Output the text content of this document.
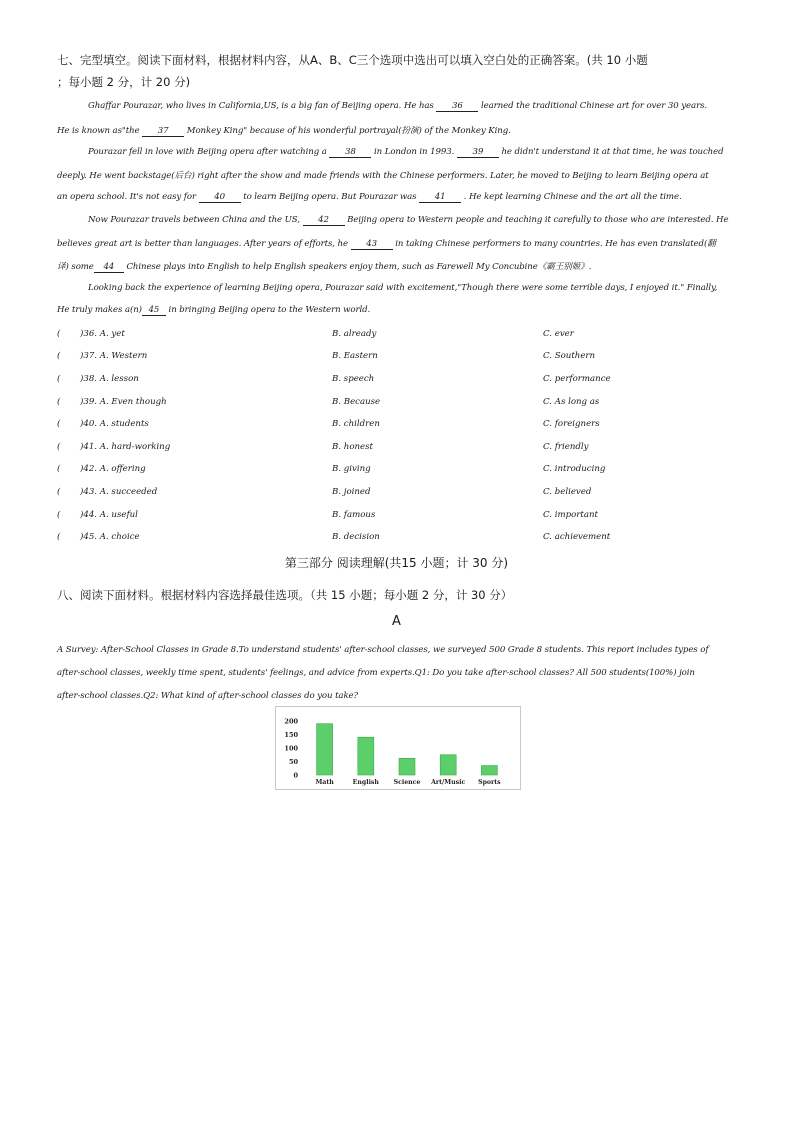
七、完型填空。阅读下面材料，根据材料内容，从A、B、C三个选项中选出可以填入空白处的正确答案。(共 10 小题
；每小题 2 分，计 20 分)
Ghaffar Pourazar, who lives in California,US, is a big fan of Beijing opera. He has 36 learned the traditional Chinese art for over 30 years.
He is known as"the 37 Monkey King" because of his wonderful portrayal(扮演) of the Monkey King.
Pourazar fell in love with Beijing opera after watching a 38 in London in 1993. 39 he didn't understand it at that time, he was touched
deeply. He went backstage(后台) right after the show and made friends with the Chinese performers. Later, he moved to Beijing to learn Beijing opera at
an opera school. It's not easy for 40 to learn Beijing opera. But Pourazar was 41 . He kept learning Chinese and the art all the time.
Now Pourazar travels between China and the US, 42 Beijing opera to Western people and teaching it carefully to those who are interested. He
believes great art is better than languages. After years of efforts, he 43 in taking Chinese performers to many countries. He has even translated(翻
译) some 44 Chinese plays into English to help English speakers enjoy them, such as Farewell My Concubine《霸王别姬》.
Looking back the experience of learning Beijing opera, Pourazar said with excitement,"Though there were some terrible days, I enjoyed it." Finally,
He truly makes a(n) 45 in bringing Beijing opera to the Western world.
( )36. A. yet	B. already	C. ever
( )37. A. Western	B. Eastern	C. Southern
( )38. A. lesson	B. speech	C. performance
( )39. A. Even though	B. Because	C. As long as
( )40. A. students	B. children	C. foreigners
( )41. A. hard-working	B. honest	C. friendly
( )42. A. offering	B. giving	C. introducing
( )43. A. succeeded	B. joined	C. believed
( )44. A. useful	B. famous	C. important
( )45. A. choice	B. decision	C. achievement
第三部分 阅读理解(共15 小题；计 30 分)
八、阅读下面材料。根据材料内容选择最佳选项。（共 15 小题；每小题 2 分，计 30 分）
A
A Survey: After-School Classes in Grade 8.To understand students' after-school classes, we surveyed 500 Grade 8 students. This report includes types of
after-school classes, weekly time spent, students' feelings, and advice from experts.Q1: Do you take after-school classes? All 500 students(100%) join
after-school classes.Q2: What kind of after-school classes do you take?
0
50
100
150
200
Math	English Science Art/Music Sports
